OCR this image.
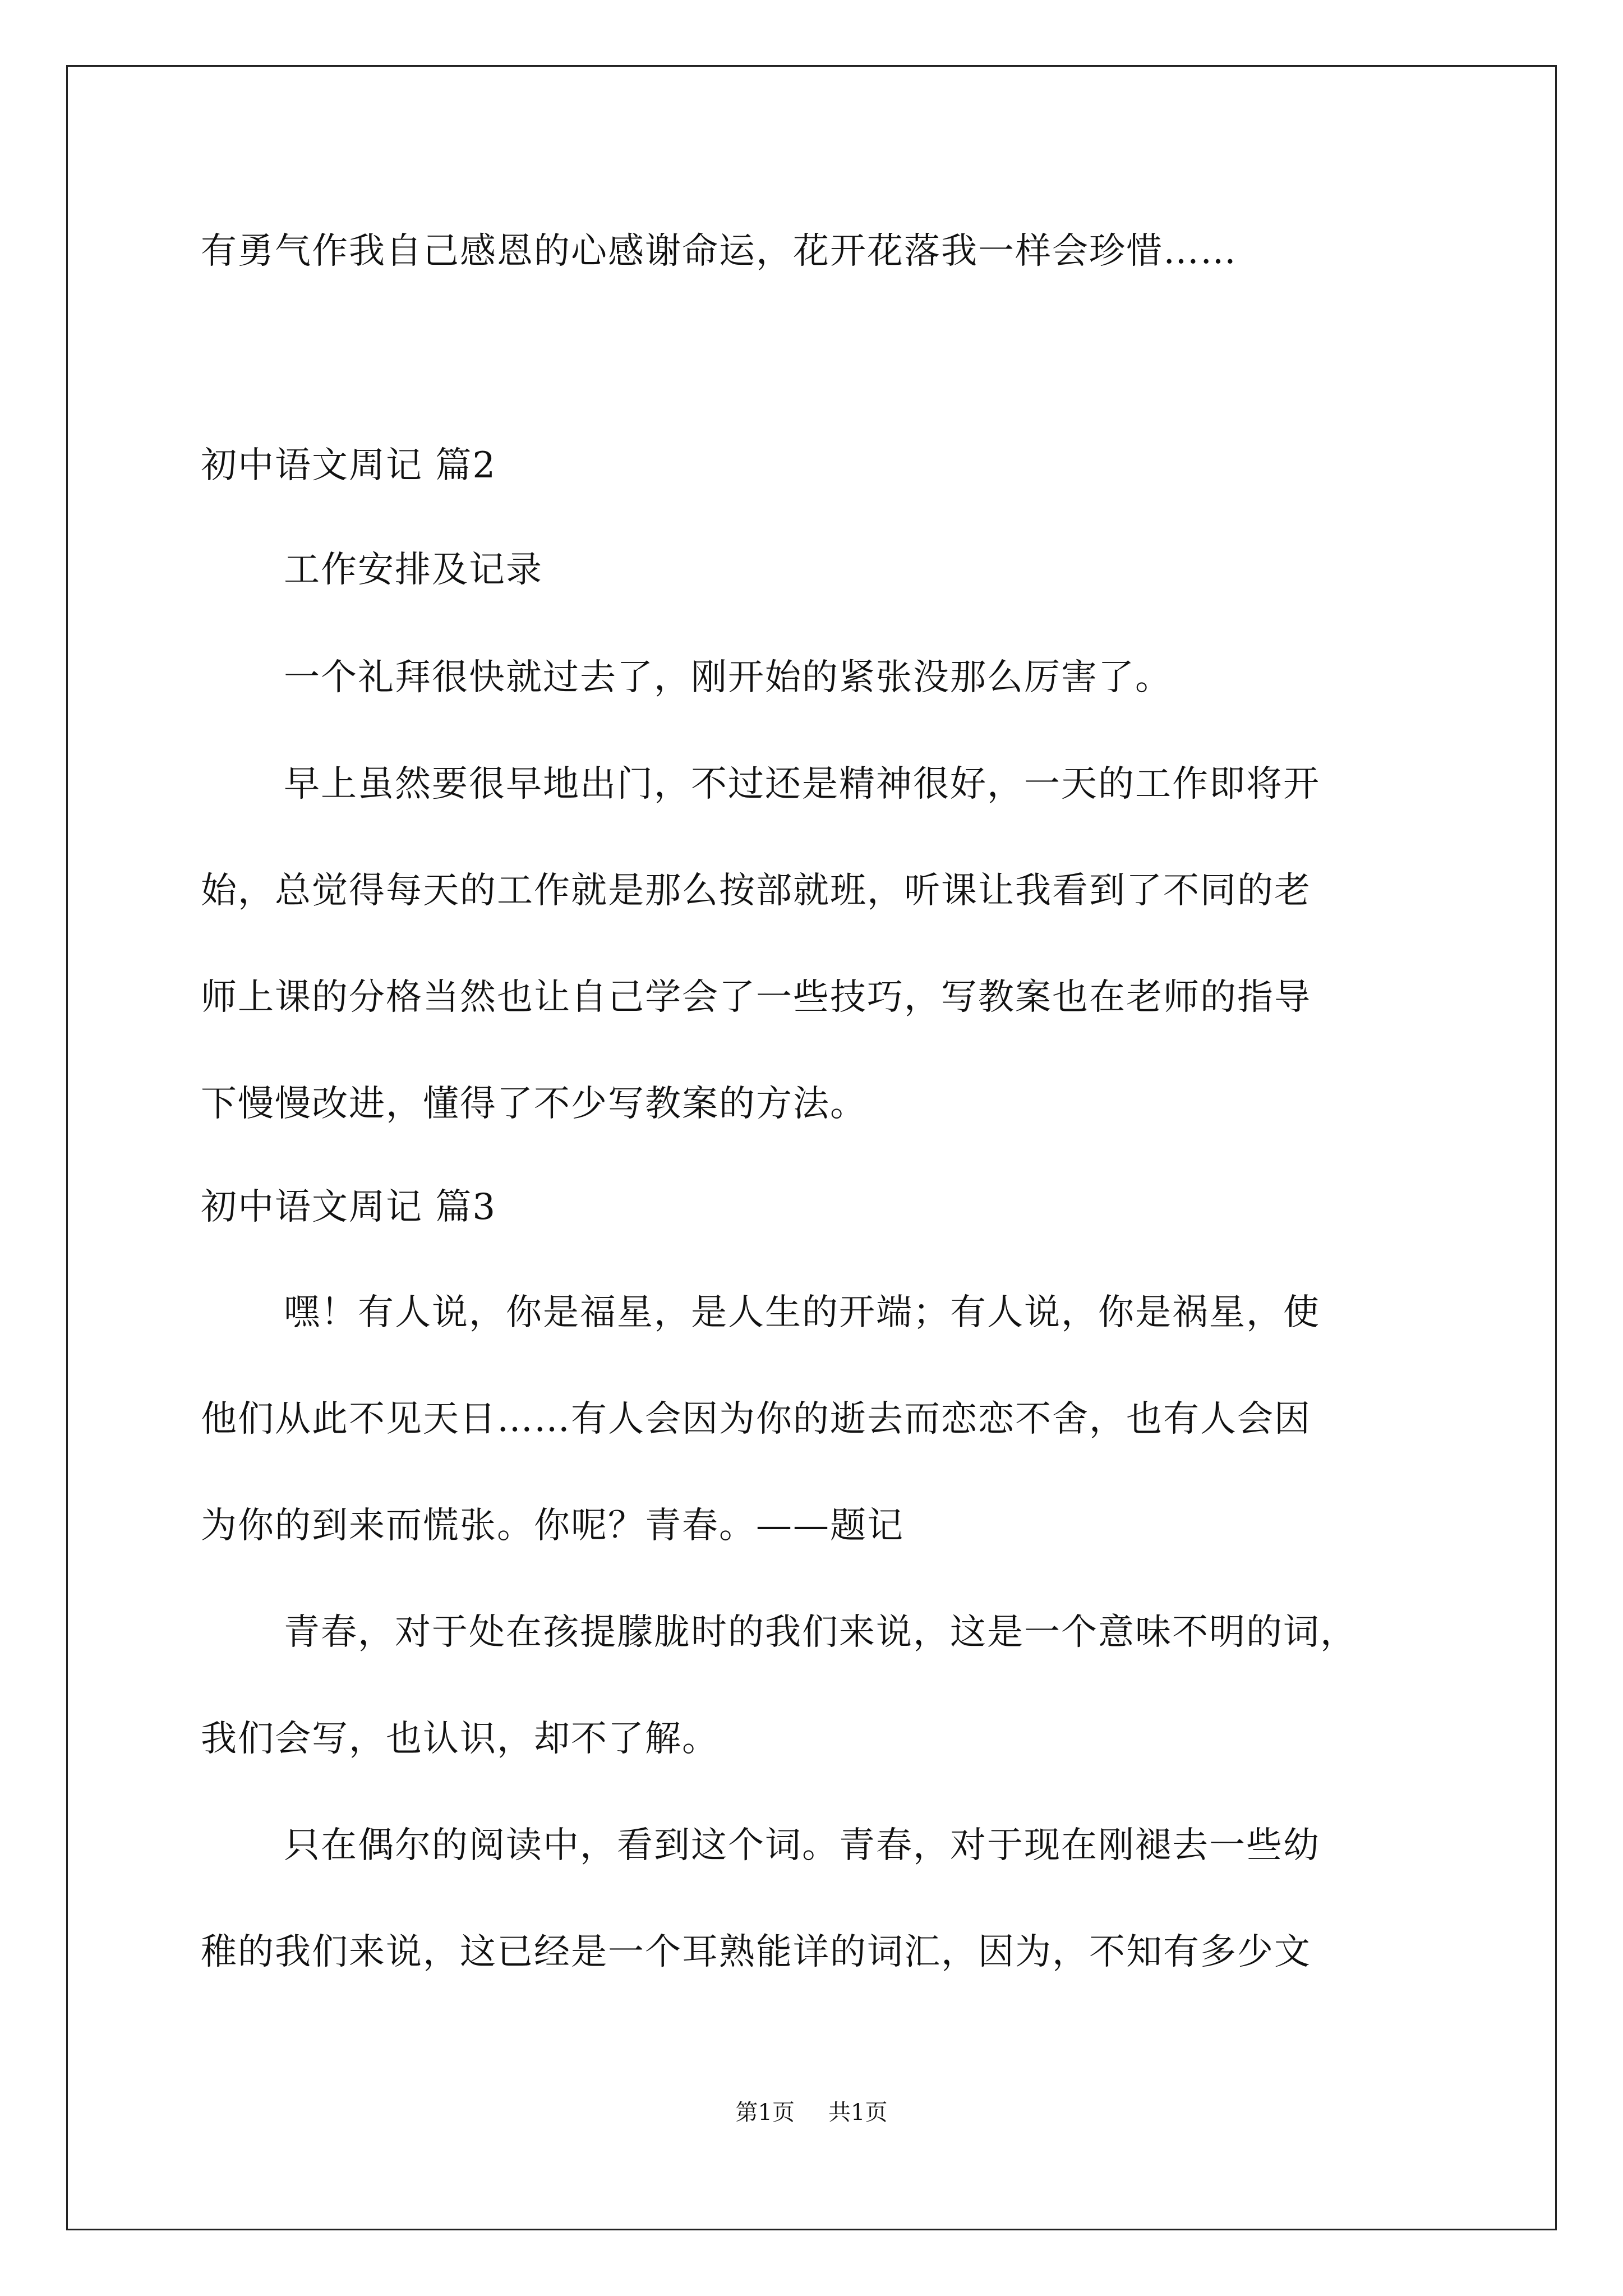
有勇气作我自己感恩的心感谢命运，花开花落我一样会珍惜……
初中语文周记 篇2
工作安排及记录
一个礼拜很快就过去了，刚开始的紧张没那么厉害了。
早上虽然要很早地出门，不过还是精神很好，一天的工作即将开
始，总觉得每天的工作就是那么按部就班，听课让我看到了不同的老
师上课的分格当然也让自己学会了一些技巧，写教案也在老师的指导
下慢慢改进，懂得了不少写教案的方法。
初中语文周记 篇3
嘿！有人说，你是福星，是人生的开端；有人说，你是祸星，使
他们从此不见天日……有人会因为你的逝去而恋恋不舍，也有人会因
为你的到来而慌张。你呢？青春。——题记
青春，对于处在孩提朦胧时的我们来说，这是一个意味不明的词，
我们会写，也认识，却不了解。
只在偶尔的阅读中，看到这个词。青春，对于现在刚褪去一些幼
稚的我们来说，这已经是一个耳熟能详的词汇，因为，不知有多少文
第1页 共1页
